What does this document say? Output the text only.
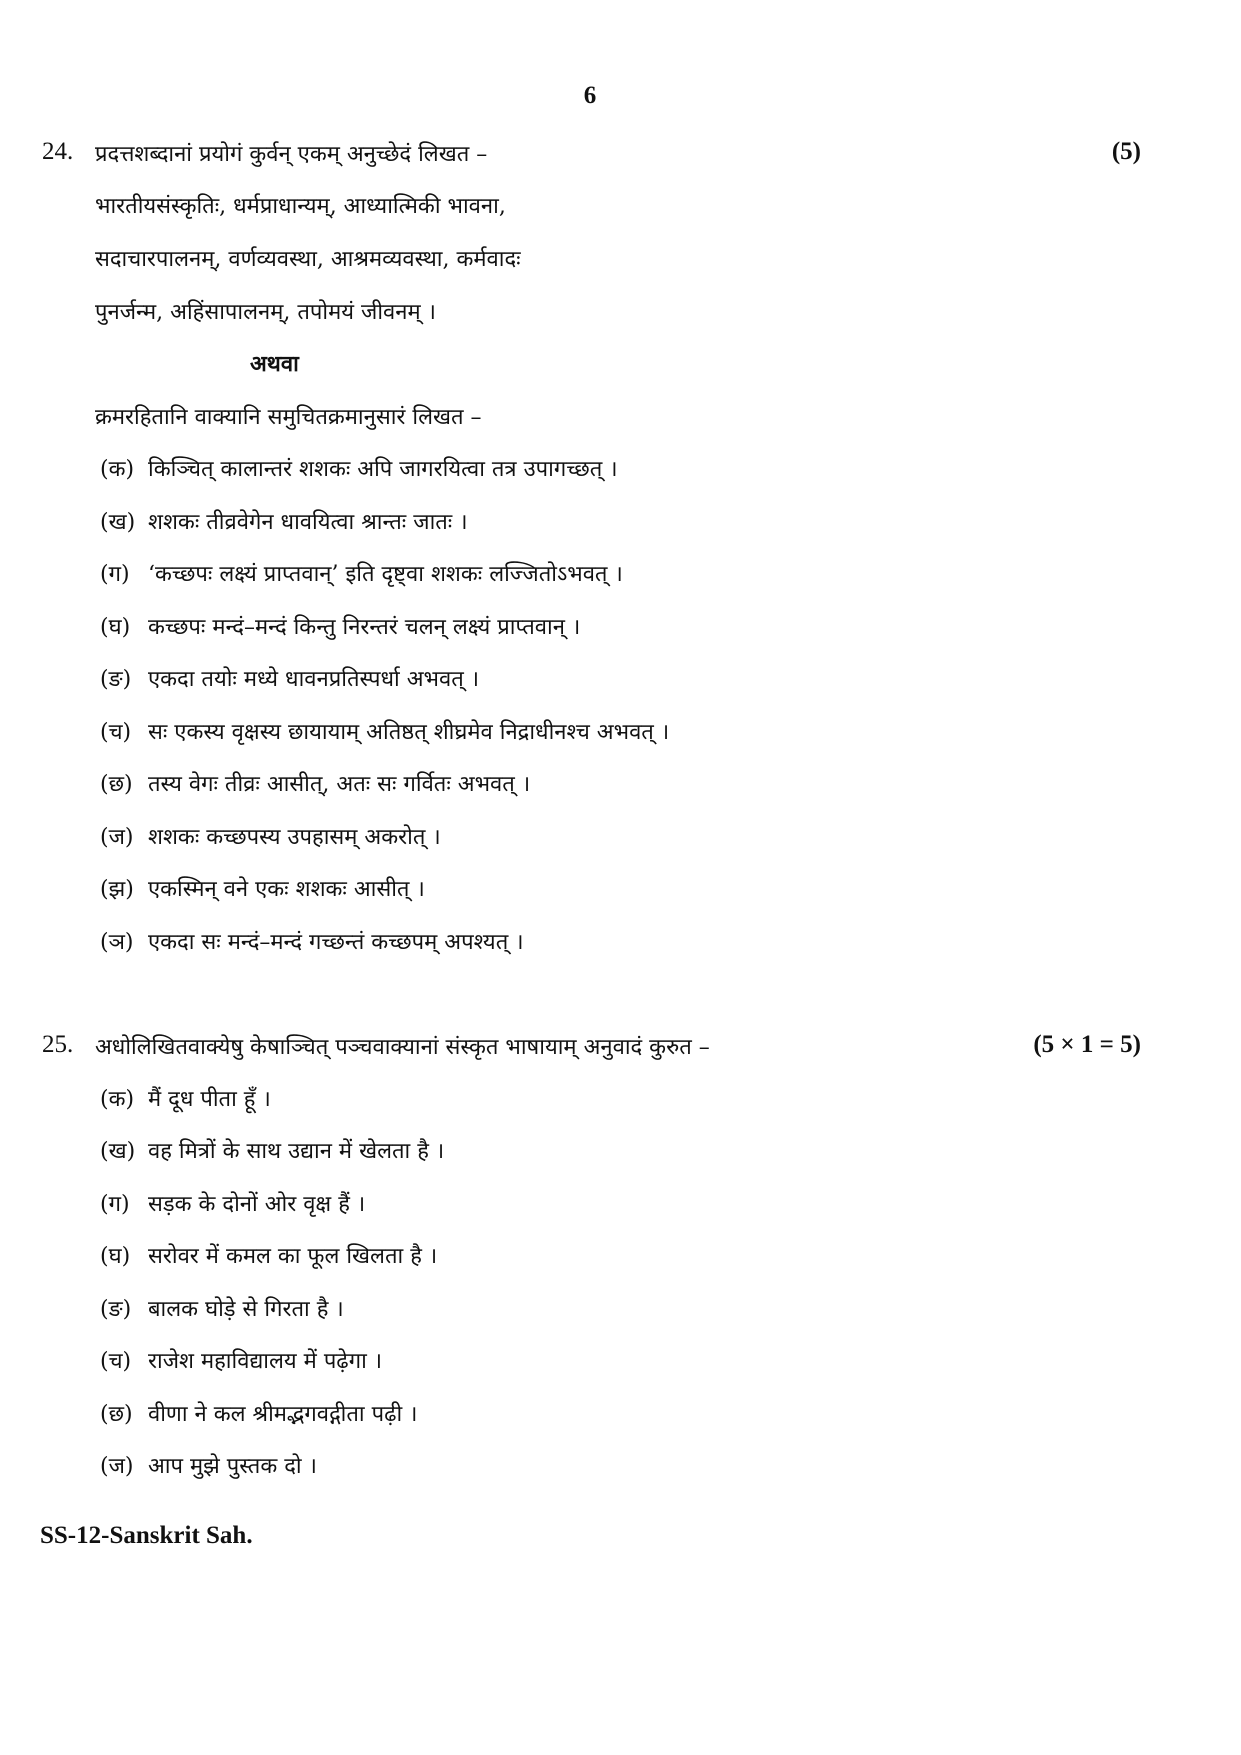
6
24. प्रदत्तशब्दानां प्रयोगं कुर्वन् एकम् अनुच्छेदं लिखत –	(5)
भारतीयसंस्कृतिः, धर्मप्राधान्यम्, आध्यात्मिकी भावना,
सदाचारपालनम्, वर्णव्यवस्था, आश्रमव्यवस्था, कर्मवादः
पुनर्जन्म, अहिंसापालनम्, तपोमयं जीवनम् ।
अथवा
क्रमरहितानि वाक्यानि समुचितक्रमानुसारं लिखत –
(क) किञ्चित् कालान्तरं शशकः अपि जागरयित्वा तत्र उपागच्छत् ।
(ख) शशकः तीव्रवेगेन धावयित्वा श्रान्तः जातः ।
(ग) ‘कच्छपः लक्ष्यं प्राप्तवान्’ इति दृष्ट्वा शशकः लज्जितोऽभवत् ।
(घ) कच्छपः मन्दं–मन्दं किन्तु निरन्तरं चलन् लक्ष्यं प्राप्तवान् ।
(ङ) एकदा तयोः मध्ये धावनप्रतिस्पर्धा अभवत् ।
(च) सः एकस्य वृक्षस्य छायायाम् अतिष्ठत् शीघ्रमेव निद्राधीनश्च अभवत् ।
(छ) तस्य वेगः तीव्रः आसीत्, अतः सः गर्वितः अभवत् ।
(ज) शशकः कच्छपस्य उपहासम् अकरोत् ।
(झ) एकस्मिन् वने एकः शशकः आसीत् ।
(ञ) एकदा सः मन्दं–मन्दं गच्छन्तं कच्छपम् अपश्यत् ।
25. अधोलिखितवाक्येषु केषाञ्चित् पञ्चवाक्यानां संस्कृत भाषायाम् अनुवादं कुरुत –	(5 × 1 = 5)
(क) मैं दूध पीता हूँ ।
(ख) वह मित्रों के साथ उद्यान में खेलता है ।
(ग) सड़क के दोनों ओर वृक्ष हैं ।
(घ) सरोवर में कमल का फूल खिलता है ।
(ङ) बालक घोड़े से गिरता है ।
(च) राजेश महाविद्यालय में पढ़ेगा ।
(छ) वीणा ने कल श्रीमद्भगवद्गीता पढ़ी ।
(ज) आप मुझे पुस्तक दो ।
SS-12-Sanskrit Sah.
